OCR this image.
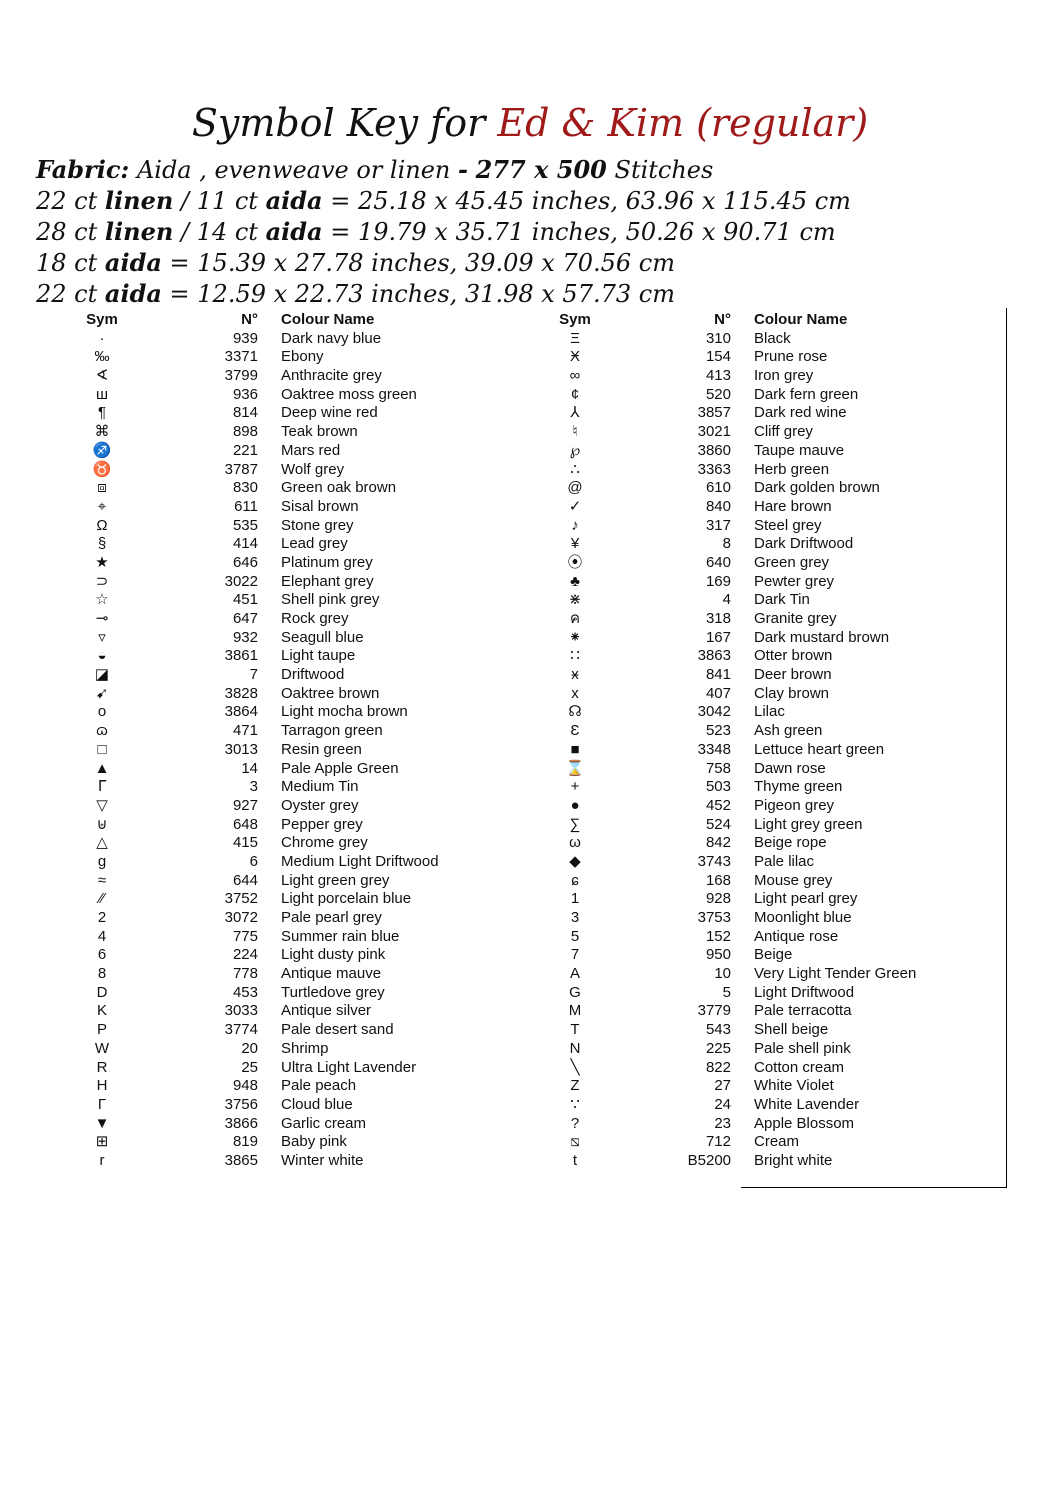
Symbol Key for Ed & Kim (regular)
Fabric: Aida , evenweave or linen - 277 x 500 Stitches
22 ct linen / 11 ct aida = 25.18 x 45.45 inches, 63.96 x 115.45 cm
28 ct linen / 14 ct aida = 19.79 x 35.71 inches, 50.26 x 90.71 cm
18 ct aida = 15.39 x 27.78 inches, 39.09 x 70.56 cm
22 ct aida = 12.59 x 22.73 inches, 31.98 x 57.73 cm
Sym	N° Colour Name
·	939 Dark navy blue
‰	3371 Ebony
∢	3799 Anthracite grey
ш	936 Oaktree moss green
¶	814 Deep wine red
⌘	898 Teak brown
♐	221 Mars red
♉	3787 Wolf grey
⧈	830 Green oak brown
⌖	611 Sisal brown
Ω	535 Stone grey
§	414 Lead grey
★	646 Platinum grey
⊃	3022 Elephant grey
☆	451 Shell pink grey
⊸	647 Rock grey
▿	932 Seagull blue
◒	3861 Light taupe
◪	7 Driftwood
➹	3828 Oaktree brown
o	3864 Light mocha brown
ɷ	471 Tarragon green
□	3013 Resin green
▲	14 Pale Apple Green
ᒥ	3 Medium Tin
▽	927 Oyster grey
⊎	648 Pepper grey
△	415 Chrome grey
g	6 Medium Light Driftwood
≈	644 Light green grey
⁄⁄	3752 Light porcelain blue
2	3072 Pale pearl grey
4	775 Summer rain blue
6	224 Light dusty pink
8	778 Antique mauve
D	453 Turtledove grey
K	3033 Antique silver
P	3774 Pale desert sand
W	20 Shrimp
R	25 Ultra Light Lavender
H	948 Pale peach
Γ	3756 Cloud blue
▼	3866 Garlic cream
⊞	819 Baby pink
r	3865 Winter white
Sym	N° Colour Name
Ξ	310 Black
Ӿ	154 Prune rose
∞	413 Iron grey
¢	520 Dark fern green
⅄	3857 Dark red wine
♮	3021 Cliff grey
℘	3860 Taupe mauve
∴	3363 Herb green
@	610 Dark golden brown
✓	840 Hare brown
♪	317 Steel grey
¥	8 Dark Driftwood
⦿	640 Green grey
♣	169 Pewter grey
⋇	4 Dark Tin
ค	318 Granite grey
⁕	167 Dark mustard brown
∷	3863 Otter brown
ӿ	841 Deer brown
x	407 Clay brown
☊	3042 Lilac
Ɛ	523 Ash green
■	3348 Lettuce heart green
⌛	758 Dawn rose
+	503 Thyme green
●	452 Pigeon grey
∑	524 Light grey green
ω	842 Beige rope
◆	3743 Pale lilac
ɕ	168 Mouse grey
1	928 Light pearl grey
3	3753 Moonlight blue
5	152 Antique rose
7	950 Beige
A	10 Very Light Tender Green
G	5 Light Driftwood
M	3779 Pale terracotta
T	543 Shell beige
N	225 Pale shell pink
╲	822 Cotton cream
Z	27 White Violet
∵	24 White Lavender
?	23 Apple Blossom
⧅	712 Cream
t	B5200 Bright white
